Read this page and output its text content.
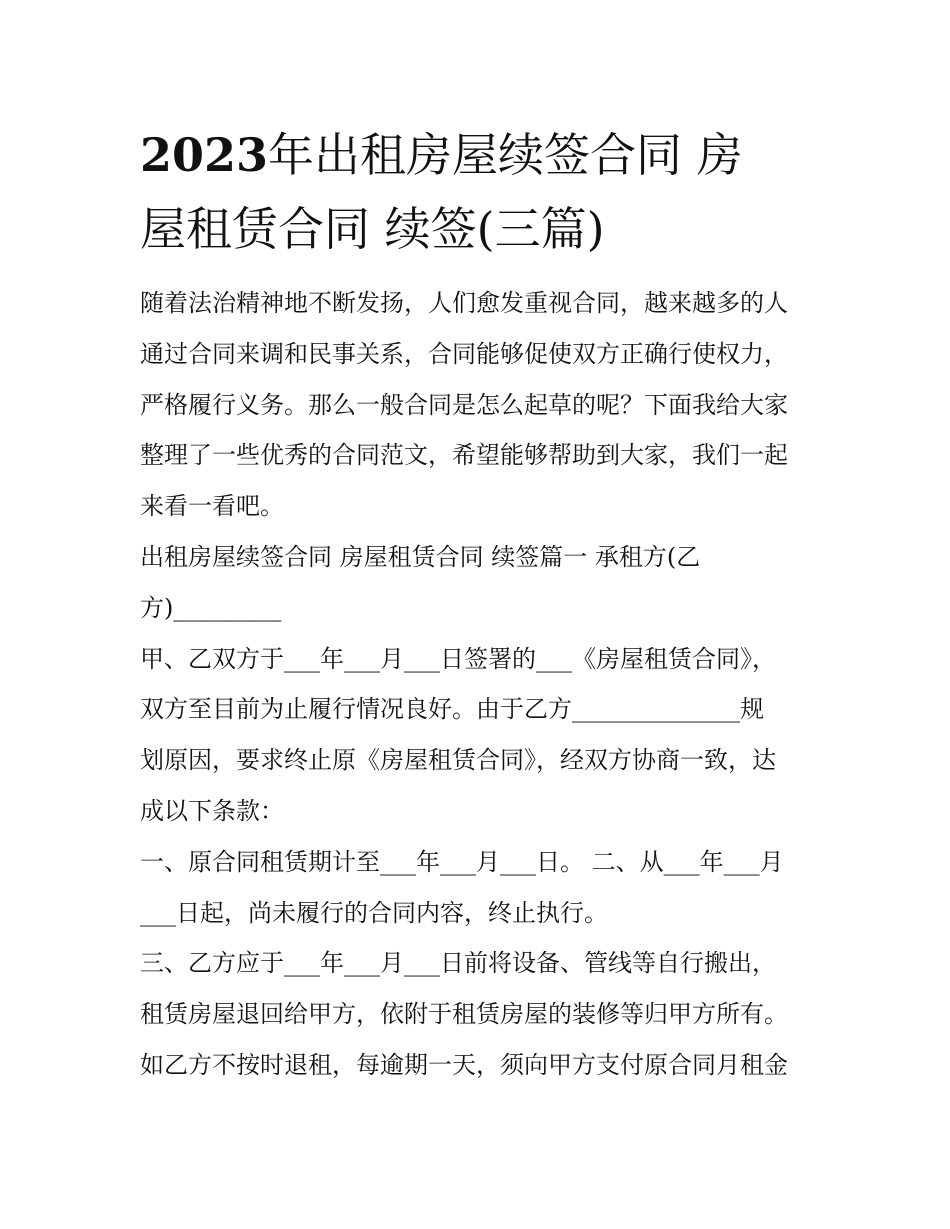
2023年出租房屋续签合同 房
屋租赁合同 续签(三篇)
随着法治精神地不断发扬，人们愈发重视合同，越来越多的人
通过合同来调和民事关系，合同能够促使双方正确行使权力，
严格履行义务。那么一般合同是怎么起草的呢？下面我给大家
整理了一些优秀的合同范文，希望能够帮助到大家，我们一起
来看一看吧。
出租房屋续签合同 房屋租赁合同 续签篇一 承租方(乙
方)_________
甲、乙双方于___年___月___日签署的___《房屋租赁合同》，
双方至目前为止履行情况良好。由于乙方______________规
划原因，要求终止原《房屋租赁合同》，经双方协商一致，达
成以下条款：
一、原合同租赁期计至___年___月___日。 二、从___年___月
___日起，尚未履行的合同内容，终止执行。
三、乙方应于___年___月___日前将设备、管线等自行搬出，
租赁房屋退回给甲方，依附于租赁房屋的装修等归甲方所有。
如乙方不按时退租，每逾期一天，须向甲方支付原合同月租金
